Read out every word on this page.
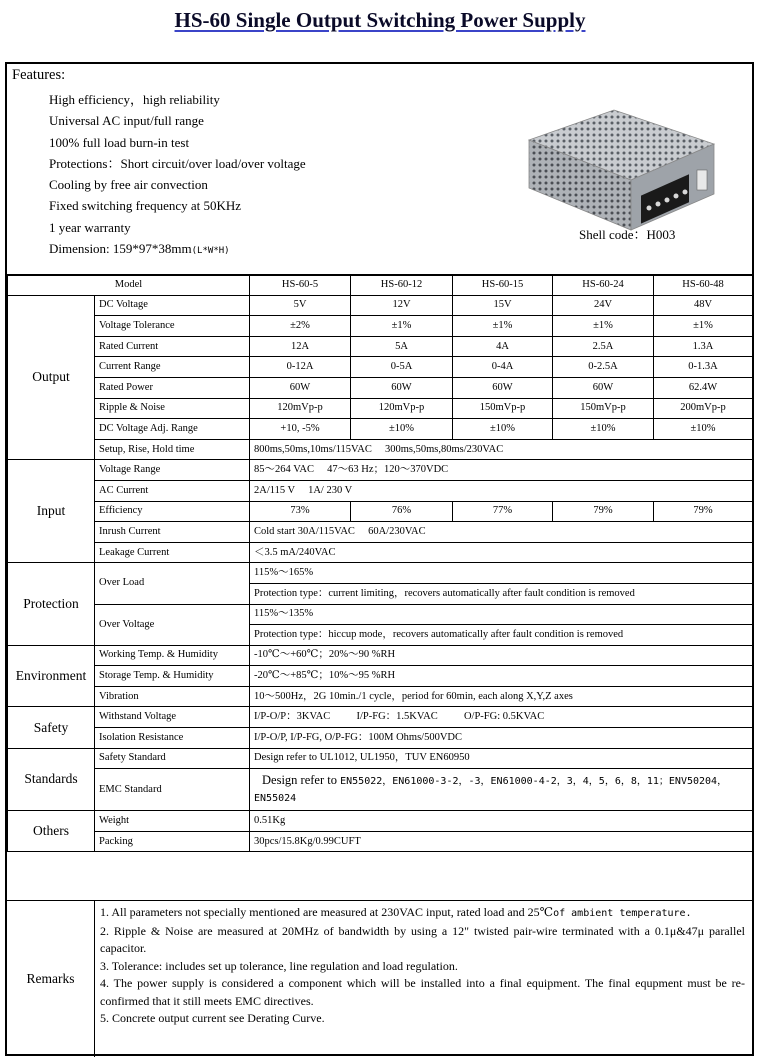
HS-60 Single Output Switching Power Supply
Features:
High efficiency，high reliability
Universal AC input/full range
100% full load burn-in test
Protections：Short circuit/over load/over voltage
Cooling by free air convection
Fixed switching frequency at 50KHz
1 year warranty
Dimension: 159*97*38mm(L*W*H)
Shell code：H003
Model		HS-60-5	HS-60-12	HS-60-15	HS-60-24	HS-60-48
Output	DC Voltage	5V	12V	15V	24V	48V
	Voltage Tolerance	±2%	±1%	±1%	±1%	±1%
	Rated Current	12A	5A	4A	2.5A	1.3A
	Current Range	0-12A	0-5A	0-4A	0-2.5A	0-1.3A
	Rated Power	60W	60W	60W	60W	62.4W
	Ripple & Noise	120mVp-p	120mVp-p	150mVp-p	150mVp-p	200mVp-p
	DC Voltage Adj. Range	+10, -5%	±10%	±10%	±10%	±10%
	Setup, Rise, Hold time	800ms,50ms,10ms/115VAC     300ms,50ms,80ms/230VAC				
Input	Voltage Range	85～264 VAC     47～63 Hz；120～370VDC				
	AC Current	2A/115 V     1A/ 230 V				
	Efficiency	73%	76%	77%	79%	79%
	Inrush Current	Cold start 30A/115VAC     60A/230VAC				
	Leakage Current	＜3.5 mA/240VAC				
Protection	Over Load	115%～165%				
		Protection type：current limiting，recovers automatically after fault condition is removed				
	Over Voltage	115%～135%				
		Protection type：hiccup mode，recovers automatically after fault condition is removed				
Environment	Working Temp. & Humidity	-10℃～+60℃；20%～90 %RH				
	Storage Temp. & Humidity	-20℃～+85℃；10%～95 %RH				
	Vibration	10～500Hz，2G 10min./1 cycle，period for 60min, each along X,Y,Z axes				
Safety	Withstand Voltage	I/P-O/P：3KVAC          I/P-FG：1.5KVAC          O/P-FG: 0.5KVAC				
	Isolation Resistance	I/P-O/P, I/P-FG, O/P-FG：100M Ohms/500VDC				
Standards	Safety Standard	Design refer to UL1012, UL1950，TUV EN60950				
	EMC Standard	Design refer to EN55022，EN61000-3-2，-3，EN61000-4-2，3，4，5，6，8，11；ENV50204，EN55024				
Others	Weight	0.51Kg				
	Packing	30pcs/15.8Kg/0.99CUFT				
Remarks

1. All parameters not specially mentioned are measured at 230VAC input, rated load and 25℃of ambient temperature.

2. Ripple & Noise are measured at 20MHz of bandwidth by using a 12" twisted pair-wire terminated with a 0.1μ&47μ parallel capacitor.

3. Tolerance: includes set up tolerance, line regulation and load regulation.

4. The power supply is considered a component which will be installed into a final equipment. The final equpment must be re-confirmed that it still meets EMC directives.

5. Concrete output current see Derating Curve.
